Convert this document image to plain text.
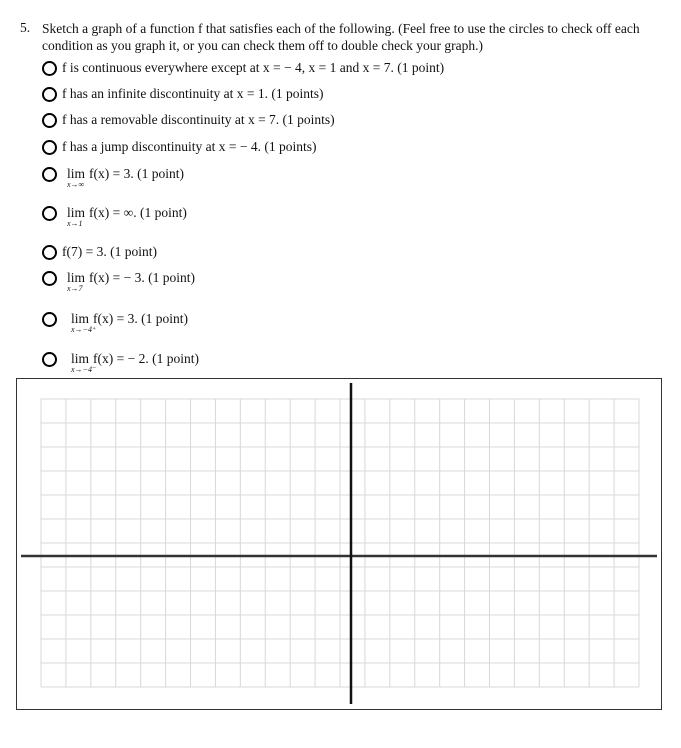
5. Sketch a graph of a function f that satisfies each of the following. (Feel free to use the circles to check off each condition as you graph it, or you can check them off to double check your graph.)
f is continuous everywhere except at x = − 4, x = 1 and x = 7. (1 point)
f has an infinite discontinuity at x = 1. (1 points)
f has a removable discontinuity at x = 7. (1 points)
f has a jump discontinuity at x = − 4. (1 points)
lim
x→∞
f(x) = 3. (1 point)
lim
x→1
f(x) = ∞. (1 point)
f(7) = 3. (1 point)
lim
x→7
f(x) = − 3. (1 point)
lim
x→−4⁺
f(x) = 3. (1 point)
lim
x→−4⁻
f(x) = − 2. (1 point)
